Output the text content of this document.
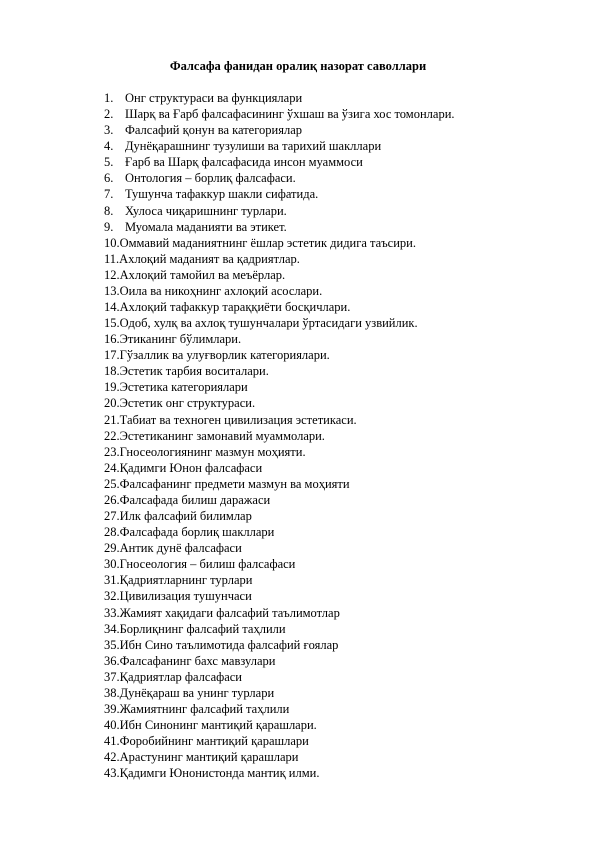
Фалсафа фанидан оралиқ назорат саволлари
1. Онг структураси ва функциялари
2. Шарқ ва Ғарб фалсафасининг ўхшаш ва ўзига хос томонлари.
3. Фалсафий қонун ва категориялар
4. Дунёқарашнинг тузулиши ва тарихий шакллари
5. Ғарб ва Шарқ фалсафасида инсон муаммоси
6. Онтология – борлиқ фалсафаси.
7. Тушунча тафаккур шакли сифатида.
8. Хулоса чиқаришнинг турлари.
9. Муомала маданияти ва этикет.
10.Оммавий маданиятнинг ёшлар эстетик дидига таъсири.
11.Ахлоқий маданият ва қадриятлар.
12.Ахлоқий тамойил ва меъёрлар.
13.Оила ва никоҳнинг ахлоқий асослари.
14.Ахлоқий тафаккур тараққиёти босқичлари.
15.Одоб, хулқ ва ахлоқ тушунчалари ўртасидаги узвийлик.
16.Этиканинг бўлимлари.
17.Гўзаллик ва улуғворлик категориялари.
18.Эстетик тарбия воситалари.
19.Эстетика категориялари
20.Эстетик онг структураси.
21.Табиат ва техноген цивилизация эстетикаси.
22.Эстетиканинг замонавий муаммолари.
23.Гносеологиянинг мазмун моҳияти.
24.Қадимги Юнон фалсафаси
25.Фалсафанинг предмети мазмун ва моҳияти
26.Фалсафада билиш даражаси
27.Илк фалсафий билимлар
28.Фалсафада борлиқ шакллари
29.Антик дунё фалсафаси
30.Гносеология – билиш фалсафаси
31.Қадриятларнинг турлари
32.Цивилизация тушунчаси
33.Жамият хақидаги фалсафий таълимотлар
34.Борлиқнинг фалсафий таҳлили
35.Ибн Сино таълимотида фалсафий ғоялар
36.Фалсафанинг бахс мавзулари
37.Қадриятлар фалсафаси
38.Дунёқараш ва унинг турлари
39.Жамиятнинг фалсафий таҳлили
40.Ибн Синонинг мантиқий қарашлари.
41.Форобийнинг мантиқий қарашлари
42.Арастунинг мантиқий қарашлари
43.Қадимги Юнонистонда мантиқ илми.
